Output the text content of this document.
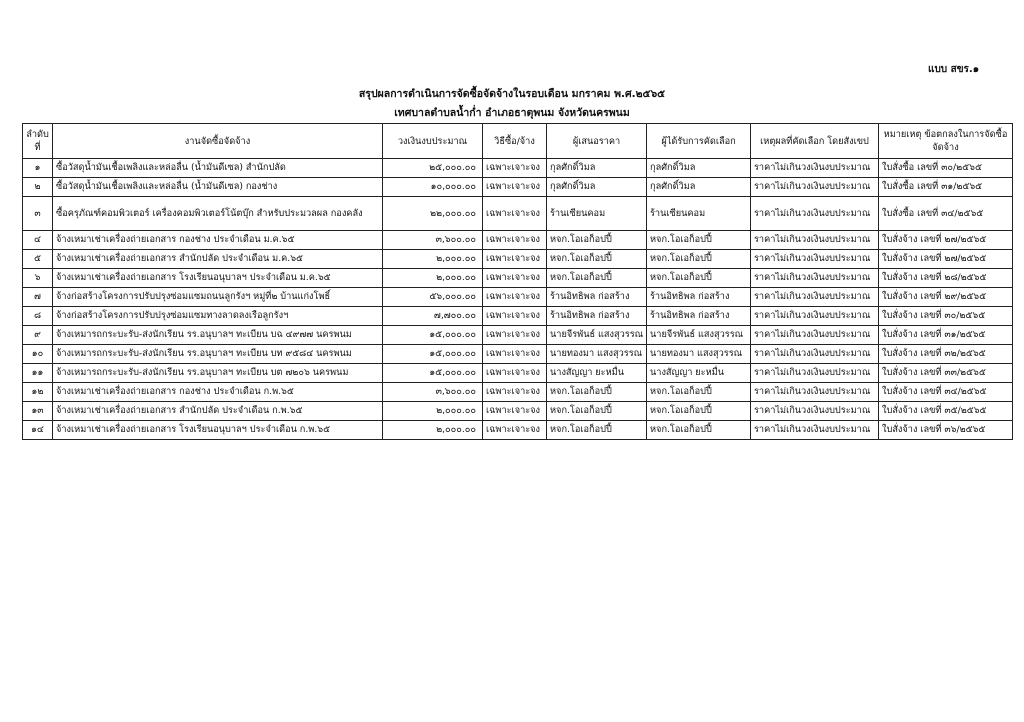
แบบ สขร.๑
สรุปผลการดำเนินการจัดซื้อจัดจ้างในรอบเดือน มกราคม พ.ศ.๒๕๖๕
เทศบาลตำบลน้ำก่ำ อำเภอธาตุพนม จังหวัดนครพนม
ลำดับที่	งานจัดซื้อจัดจ้าง	วงเงินงบประมาณ	วิธีซื้อ/จ้าง	ผู้เสนอราคา	ผู้ได้รับการคัดเลือก	เหตุผลที่คัดเลือก โดยสังเขป	หมายเหตุ ข้อตกลงในการจัดซื้อจัดจ้าง
๑	ซื้อวัสดุน้ำมันเชื้อเพลิงและหล่อลื่น (น้ำมันดีเซล) สำนักปลัด	๒๕,๐๐๐.๐๐	เฉพาะเจาะจง	กุลศักดิ์วิมล	กุลศักดิ์วิมล	ราคาไม่เกินวงเงินงบประมาณ	ใบสั่งซื้อ เลขที่ ๓๐/๒๕๖๕
๒	ซื้อวัสดุน้ำมันเชื้อเพลิงและหล่อลื่น (น้ำมันดีเซล) กองช่าง	๑๐,๐๐๐.๐๐	เฉพาะเจาะจง	กุลศักดิ์วิมล	กุลศักดิ์วิมล	ราคาไม่เกินวงเงินงบประมาณ	ใบสั่งซื้อ เลขที่ ๓๑/๒๕๖๕
๓	ซื้อครุภัณฑ์คอมพิวเตอร์ เครื่องคอมพิวเตอร์โน้ตบุ๊ก สำหรับประมวลผล กองคลัง	๒๒,๐๐๐.๐๐	เฉพาะเจาะจง	ร้านเซียนคอม	ร้านเซียนคอม	ราคาไม่เกินวงเงินงบประมาณ	ใบสั่งซื้อ เลขที่ ๓๔/๒๕๖๕
๔	จ้างเหมาเช่าเครื่องถ่ายเอกสาร กองช่าง ประจำเดือน ม.ค.๖๕	๓,๖๐๐.๐๐	เฉพาะเจาะจง	หจก.โอเอก็อปปี้	หจก.โอเอก็อปปี้	ราคาไม่เกินวงเงินงบประมาณ	ใบสั่งจ้าง เลขที่ ๒๗/๒๕๖๕
๕	จ้างเหมาเช่าเครื่องถ่ายเอกสาร สำนักปลัด ประจำเดือน ม.ค.๖๕	๒,๐๐๐.๐๐	เฉพาะเจาะจง	หจก.โอเอก็อปปี้	หจก.โอเอก็อปปี้	ราคาไม่เกินวงเงินงบประมาณ	ใบสั่งจ้าง เลขที่ ๒๗/๒๕๖๕
๖	จ้างเหมาเช่าเครื่องถ่ายเอกสาร โรงเรียนอนุบาลฯ ประจำเดือน ม.ค.๖๕	๒,๐๐๐.๐๐	เฉพาะเจาะจง	หจก.โอเอก็อปปี้	หจก.โอเอก็อปปี้	ราคาไม่เกินวงเงินงบประมาณ	ใบสั่งจ้าง เลขที่ ๒๘/๒๕๖๕
๗	จ้างก่อสร้างโครงการปรับปรุงซ่อมแซมถนนลูกรังฯ หมู่ที่๒ บ้านแก่งโพธิ์	๕๖,๐๐๐.๐๐	เฉพาะเจาะจง	ร้านอิทธิพล ก่อสร้าง	ร้านอิทธิพล ก่อสร้าง	ราคาไม่เกินวงเงินงบประมาณ	ใบสั่งจ้าง เลขที่ ๒๙/๒๕๖๕
๘	จ้างก่อสร้างโครงการปรับปรุงซ่อมแซมทางลาดลงเรือลูกรังฯ	๗,๗๐๐.๐๐	เฉพาะเจาะจง	ร้านอิทธิพล ก่อสร้าง	ร้านอิทธิพล ก่อสร้าง	ราคาไม่เกินวงเงินงบประมาณ	ใบสั่งจ้าง เลขที่ ๓๐/๒๕๖๕
๙	จ้างเหมารถกระบะรับ-ส่งนักเรียน รร.อนุบาลฯ ทะเบียน บฉ ๔๙๗๗ นครพนม	๑๕,๐๐๐.๐๐	เฉพาะเจาะจง	นายจีรพันธ์ แสงสุวรรณ	นายจีรพันธ์ แสงสุวรรณ	ราคาไม่เกินวงเงินงบประมาณ	ใบสั่งจ้าง เลขที่ ๓๑/๒๕๖๕
๑๐	จ้างเหมารถกระบะรับ-ส่งนักเรียน รร.อนุบาลฯ ทะเบียน บท ๙๕๘๔ นครพนม	๑๕,๐๐๐.๐๐	เฉพาะเจาะจง	นายทองมา แสงสุวรรณ	นายทองมา แสงสุวรรณ	ราคาไม่เกินวงเงินงบประมาณ	ใบสั่งจ้าง เลขที่ ๓๒/๒๕๖๕
๑๑	จ้างเหมารถกระบะรับ-ส่งนักเรียน รร.อนุบาลฯ ทะเบียน บต ๗๒๐๖ นครพนม	๑๕,๐๐๐.๐๐	เฉพาะเจาะจง	นางสัญญา ยะหมื่น	นางสัญญา ยะหมื่น	ราคาไม่เกินวงเงินงบประมาณ	ใบสั่งจ้าง เลขที่ ๓๓/๒๕๖๕
๑๒	จ้างเหมาเช่าเครื่องถ่ายเอกสาร กองช่าง ประจำเดือน ก.พ.๖๕	๓,๖๐๐.๐๐	เฉพาะเจาะจง	หจก.โอเอก็อปปี้	หจก.โอเอก็อปปี้	ราคาไม่เกินวงเงินงบประมาณ	ใบสั่งจ้าง เลขที่ ๓๔/๒๕๖๕
๑๓	จ้างเหมาเช่าเครื่องถ่ายเอกสาร สำนักปลัด ประจำเดือน ก.พ.๖๕	๒,๐๐๐.๐๐	เฉพาะเจาะจง	หจก.โอเอก็อปปี้	หจก.โอเอก็อปปี้	ราคาไม่เกินวงเงินงบประมาณ	ใบสั่งจ้าง เลขที่ ๓๕/๒๕๖๕
๑๔	จ้างเหมาเช่าเครื่องถ่ายเอกสาร โรงเรียนอนุบาลฯ ประจำเดือน ก.พ.๖๕	๒,๐๐๐.๐๐	เฉพาะเจาะจง	หจก.โอเอก็อปปี้	หจก.โอเอก็อปปี้	ราคาไม่เกินวงเงินงบประมาณ	ใบสั่งจ้าง เลขที่ ๓๖/๒๕๖๕
